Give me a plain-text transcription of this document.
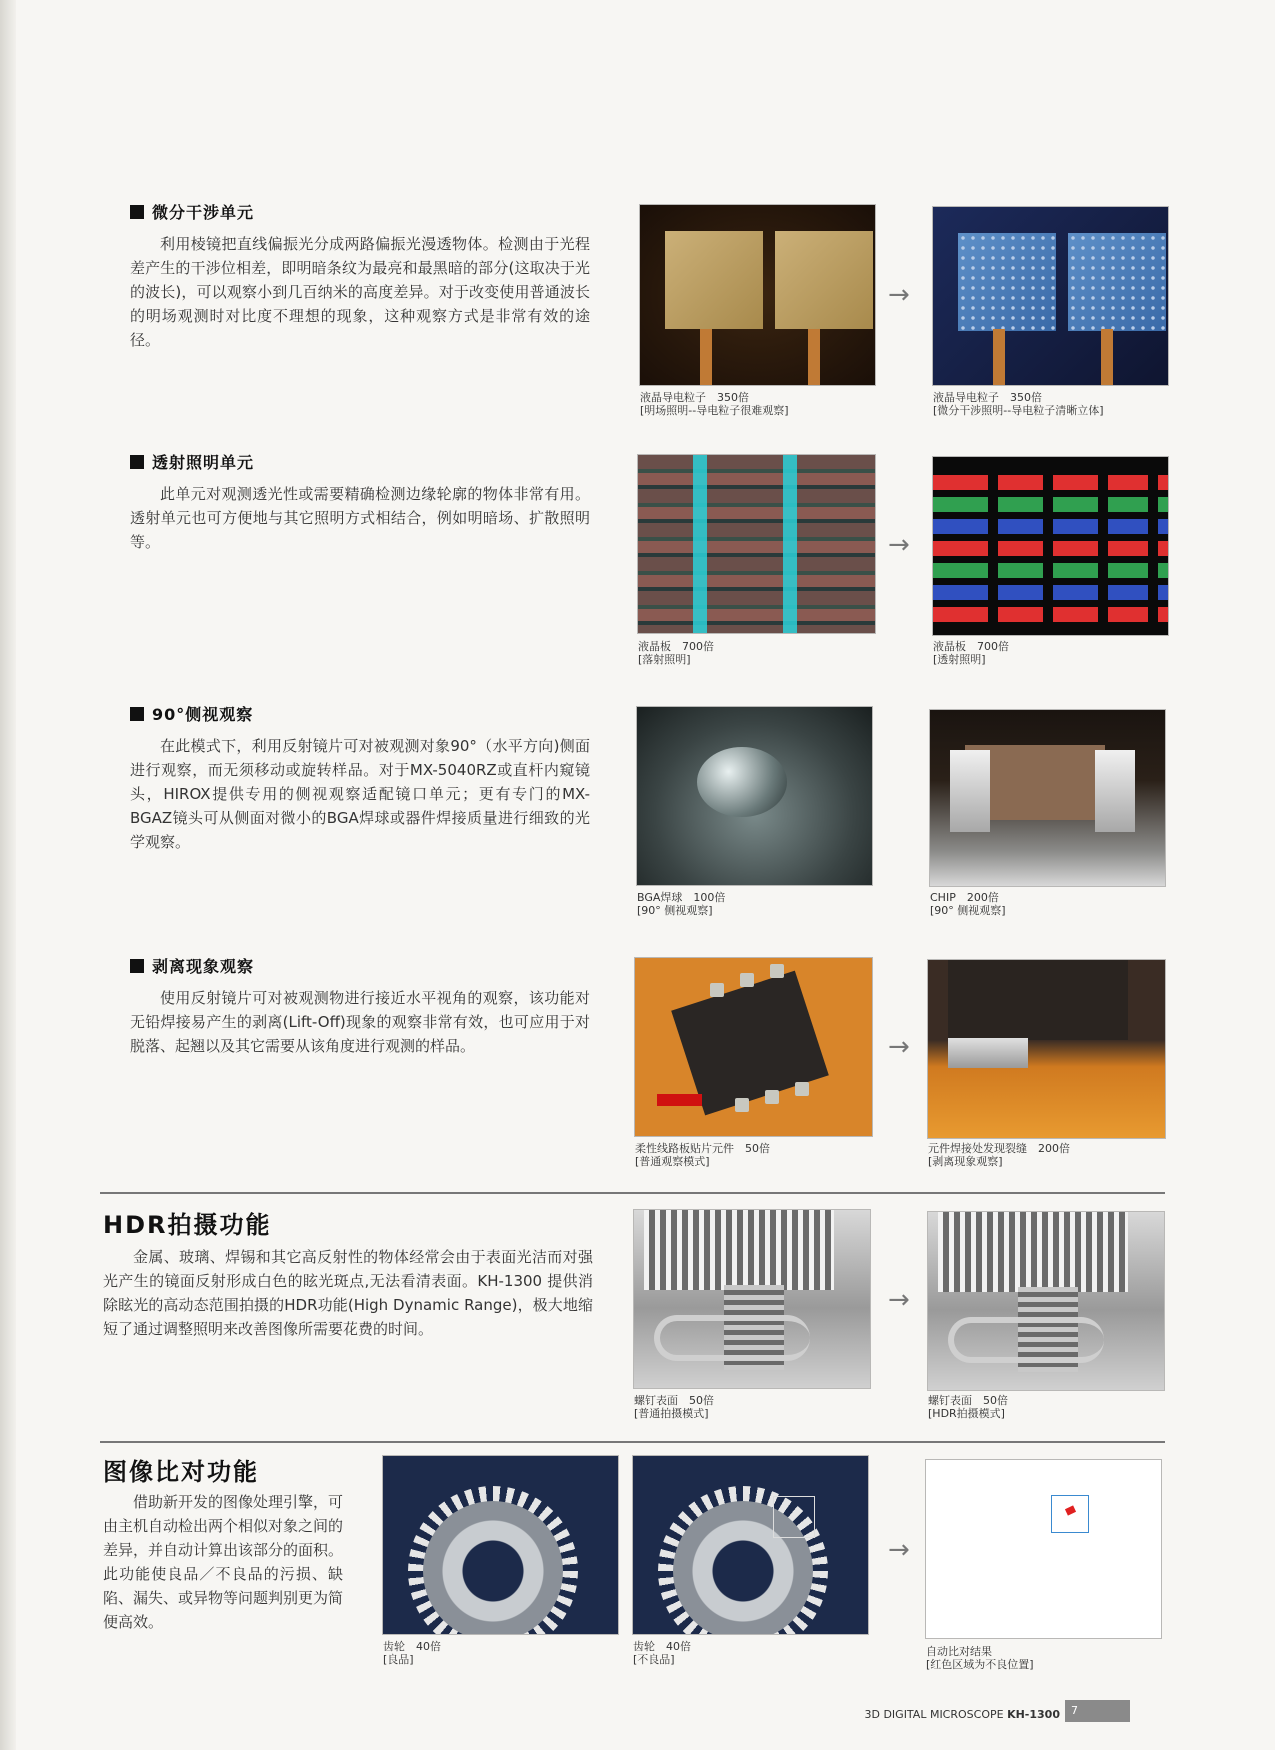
微分干涉单元
利用棱镜把直线偏振光分成两路偏振光漫透物体。检测由于光程差产生的干涉位相差，即明暗条纹为最亮和最黑暗的部分(这取决于光的波长)，可以观察小到几百纳米的高度差异。对于改变使用普通波长的明场观测时对比度不理想的现象，这种观察方式是非常有效的途径。
→
液晶导电粒子　350倍
[明场照明--导电粒子很难观察]
液晶导电粒子　350倍
[微分干涉照明--导电粒子清晰立体]
透射照明单元
此单元对观测透光性或需要精确检测边缘轮廓的物体非常有用。透射单元也可方便地与其它照明方式相结合，例如明暗场、扩散照明等。	→
液晶板　700倍
[落射照明]
液晶板　700倍
[透射照明]
90°侧视观察
在此模式下，利用反射镜片可对被观测对象90°（水平方向)侧面进行观察，而无须移动或旋转样品。对于MX-5040RZ或直杆内窥镜头，HIROX提供专用的侧视观察适配镜口单元；更有专门的MX-BGAZ镜头可从侧面对微小的BGA焊球或器件焊接质量进行细致的光学观察。
BGA焊球　100倍
[90° 侧视观察]
CHIP　200倍
[90° 侧视观察]
剥离现象观察
使用反射镜片可对被观测物进行接近水平视角的观察，该功能对无铅焊接易产生的剥离(Lift-Off)现象的观察非常有效，也可应用于对脱落、起翘以及其它需要从该角度进行观测的样品。	→
柔性线路板贴片元件　50倍
[普通观察模式]
元件焊接处发现裂缝　200倍
[剥离现象观察]
HDR拍摄功能
金属、玻璃、焊锡和其它高反射性的物体经常会由于表面光洁而对强光产生的镜面反射形成白色的眩光斑点,无法看清表面。KH-1300 提供消除眩光的高动态范围拍摄的HDR功能(High Dynamic Range)，极大地缩短了通过调整照明来改善图像所需要花费的时间。
→
螺钉表面　50倍
[普通拍摄模式]
螺钉表面　50倍
[HDR拍摄模式]
图像比对功能
借助新开发的图像处理引擎，可由主机自动检出两个相似对象之间的差异，并自动计算出该部分的面积。此功能使良品／不良品的污损、缺陷、漏失、或异物等问题判别更为简便高效。
→
齿轮　40倍
[良品]
齿轮　40倍
[不良品]
自动比对结果
[红色区域为不良位置]
3D DIGITAL MICROSCOPE KH-1300	7
